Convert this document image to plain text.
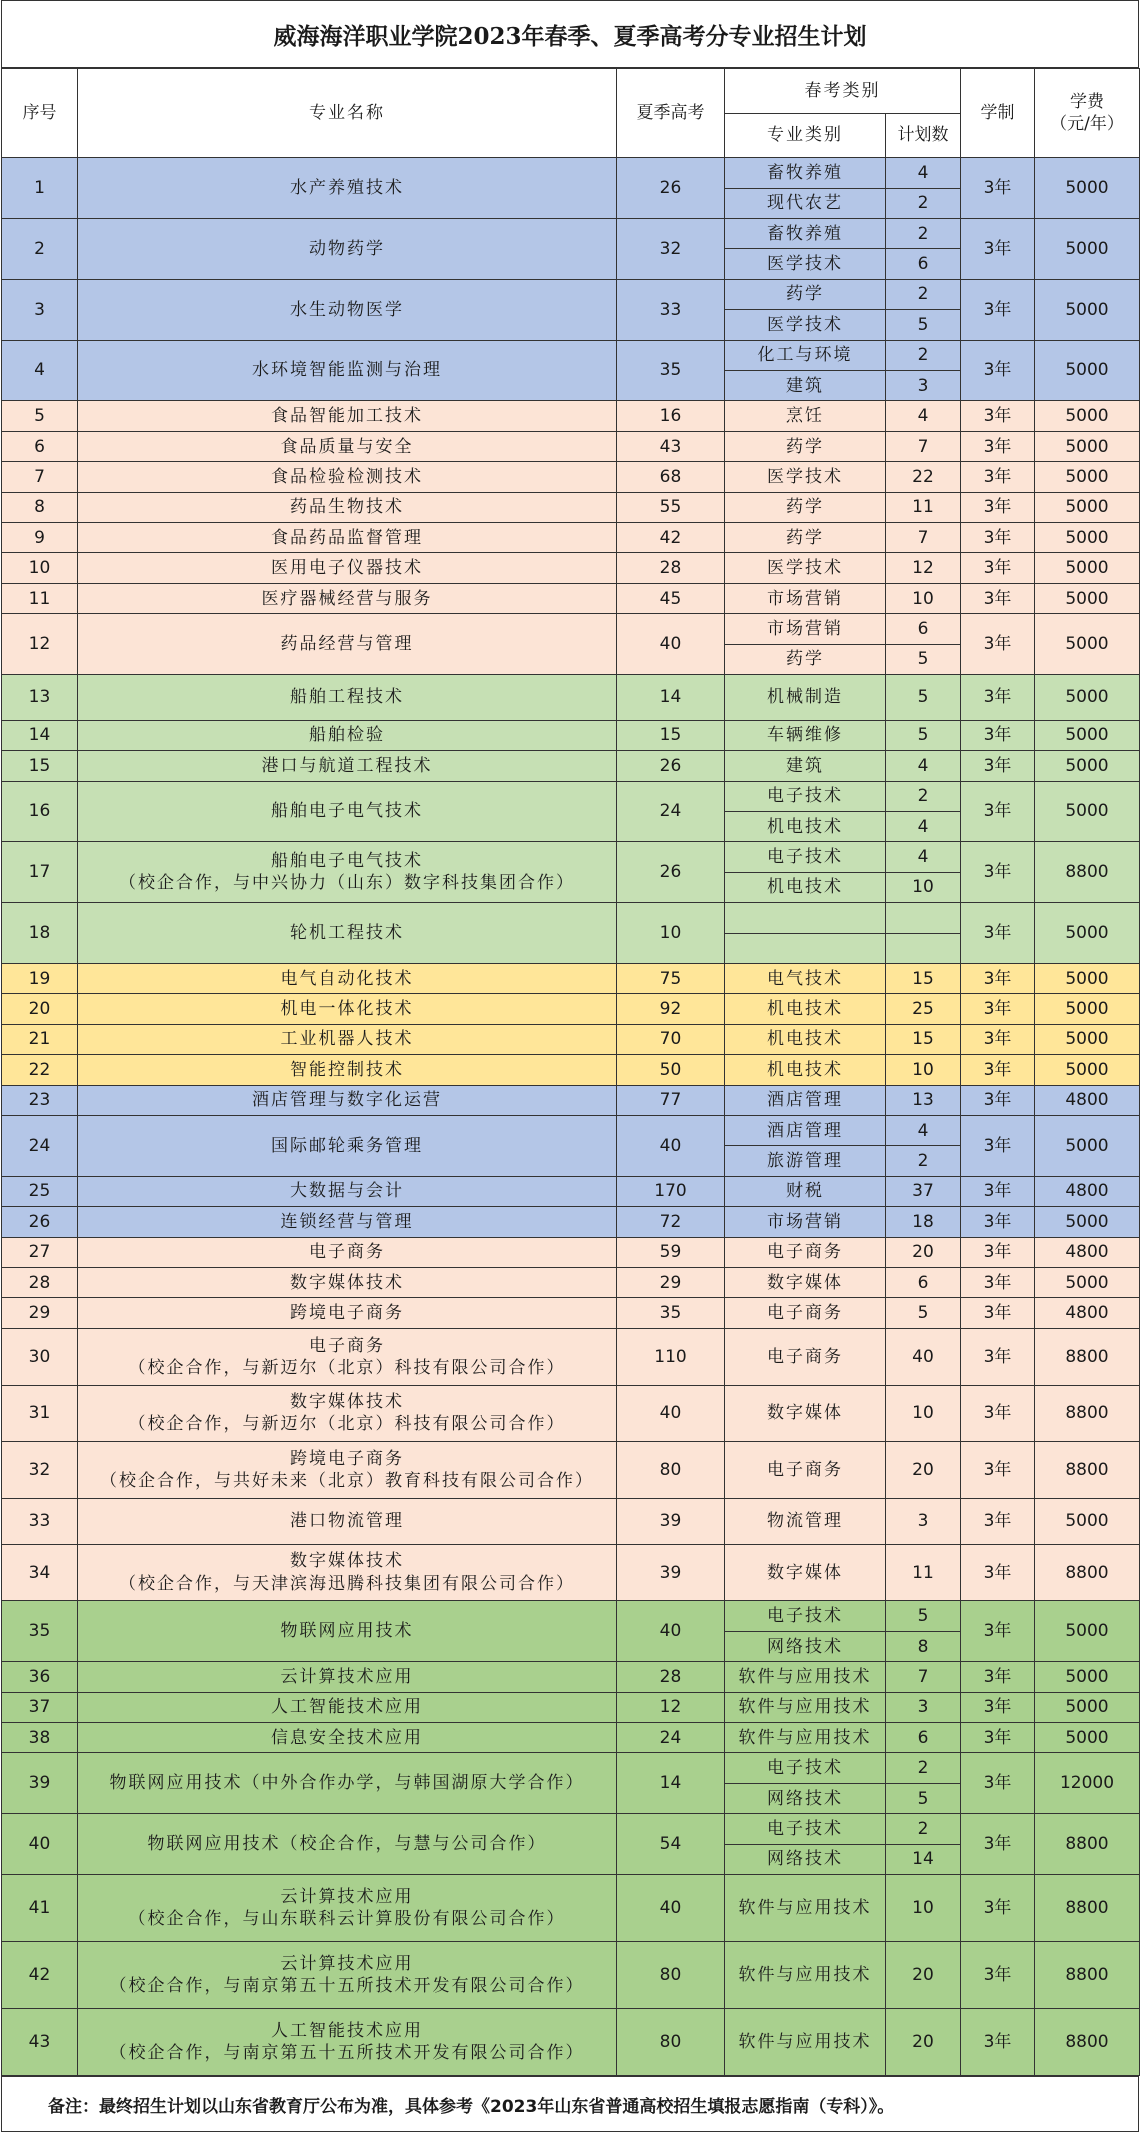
威海海洋职业学院2023年春季、夏季高考分专业招生计划
序号	专业名称	夏季高考	春考类别		学制	学费
（元/年）

			专业类别	计划数		
1	水产养殖技术	26	畜牧养殖	4	3年	5000
			现代农艺	2		
2	动物药学	32	畜牧养殖	2	3年	5000
			医学技术	6		
3	水生动物医学	33	药学	2	3年	5000
			医学技术	5		
4	水环境智能监测与治理	35	化工与环境	2	3年	5000
			建筑	3		
5	食品智能加工技术	16	烹饪	4	3年	5000
6	食品质量与安全	43	药学	7	3年	5000
7	食品检验检测技术	68	医学技术	22	3年	5000
8	药品生物技术	55	药学	11	3年	5000
9	食品药品监督管理	42	药学	7	3年	5000
10	医用电子仪器技术	28	医学技术	12	3年	5000
11	医疗器械经营与服务	45	市场营销	10	3年	5000
12	药品经营与管理	40	市场营销	6	3年	5000
			药学	5		
13	船舶工程技术	14	机械制造	5	3年	5000
14	船舶检验	15	车辆维修	5	3年	5000
15	港口与航道工程技术	26	建筑	4	3年	5000
16	船舶电子电气技术	24	电子技术	2	3年	5000
			机电技术	4		
17	船舶电子电气技术
（校企合作，与中兴协力（山东）数字科技集团合作）	26	电子技术	4	3年	8800
			机电技术	10		
18	轮机工程技术	10			3年	5000

19	电气自动化技术	75	电气技术	15	3年	5000
20	机电一体化技术	92	机电技术	25	3年	5000
21	工业机器人技术	70	机电技术	15	3年	5000
22	智能控制技术	50	机电技术	10	3年	5000
23	酒店管理与数字化运营	77	酒店管理	13	3年	4800
24	国际邮轮乘务管理	40	酒店管理	4	3年	5000
			旅游管理	2		
25	大数据与会计	170	财税	37	3年	4800
26	连锁经营与管理	72	市场营销	18	3年	5000
27	电子商务	59	电子商务	20	3年	4800
28	数字媒体技术	29	数字媒体	6	3年	5000
29	跨境电子商务	35	电子商务	5	3年	4800
30	电子商务
（校企合作，与新迈尔（北京）科技有限公司合作）	110	电子商务	40	3年	8800
31	数字媒体技术
（校企合作，与新迈尔（北京）科技有限公司合作）	40	数字媒体	10	3年	8800
32	跨境电子商务
（校企合作，与共好未来（北京）教育科技有限公司合作）	80	电子商务	20	3年	8800
33	港口物流管理	39	物流管理	3	3年	5000
34	数字媒体技术
（校企合作，与天津滨海迅腾科技集团有限公司合作）	39	数字媒体	11	3年	8800
35	物联网应用技术	40	电子技术	5	3年	5000
			网络技术	8		
36	云计算技术应用	28	软件与应用技术	7	3年	5000
37	人工智能技术应用	12	软件与应用技术	3	3年	5000
38	信息安全技术应用	24	软件与应用技术	6	3年	5000
39	物联网应用技术（中外合作办学，与韩国湖原大学合作）	14	电子技术	2	3年	12000
			网络技术	5		
40	物联网应用技术（校企合作，与慧与公司合作）	54	电子技术	2	3年	8800
			网络技术	14		
41	云计算技术应用
（校企合作，与山东联科云计算股份有限公司合作）	40	软件与应用技术	10	3年	8800
42	云计算技术应用
（校企合作，与南京第五十五所技术开发有限公司合作）	80	软件与应用技术	20	3年	8800
43	人工智能技术应用
（校企合作，与南京第五十五所技术开发有限公司合作）	80	软件与应用技术	20	3年	8800
备注：最终招生计划以山东省教育厅公布为准，具体参考《2023年山东省普通高校招生填报志愿指南（专科）》。
